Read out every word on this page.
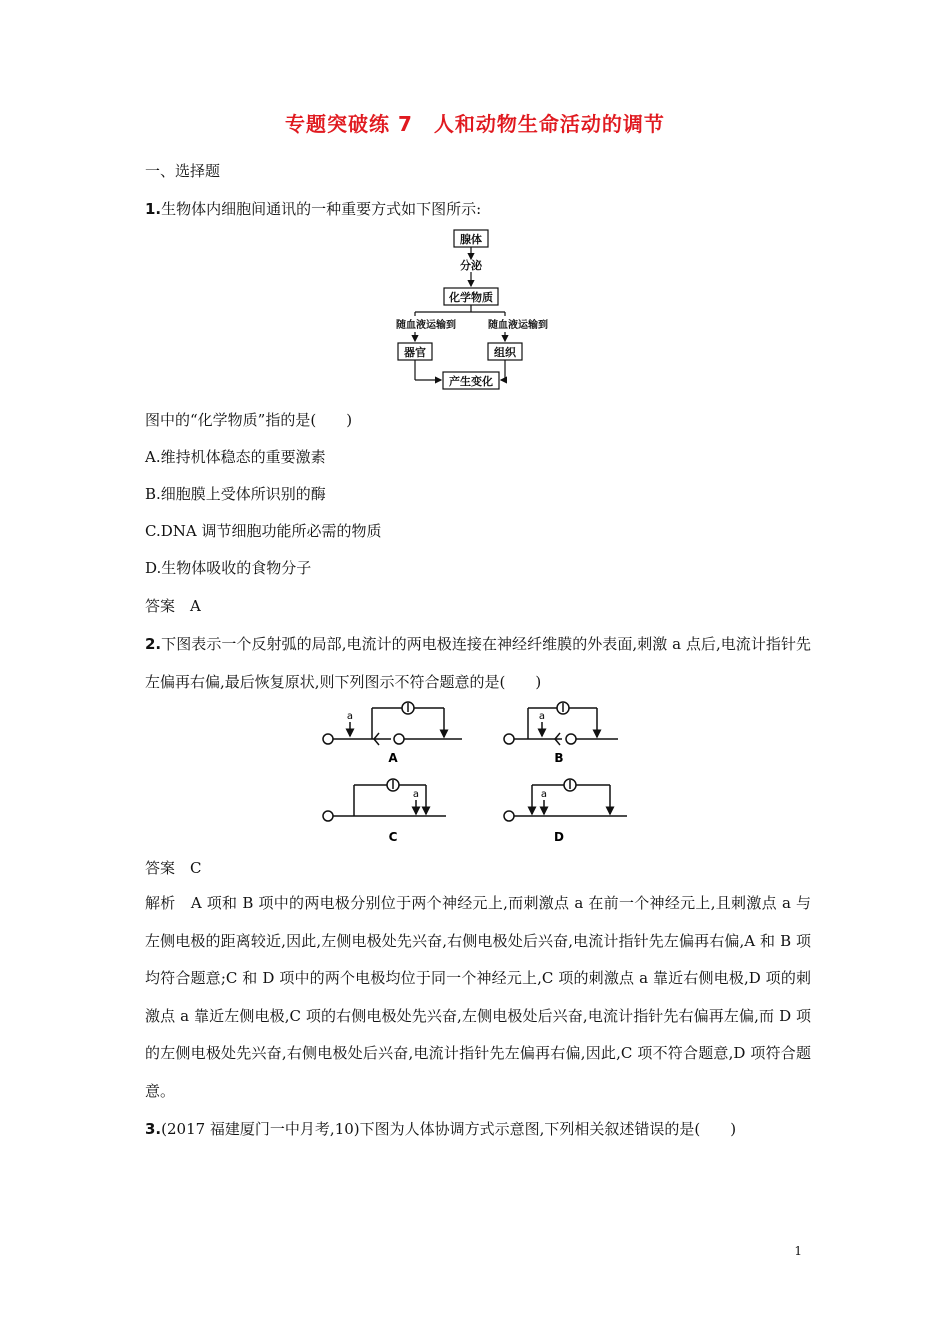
专题突破练 7　人和动物生命活动的调节
一、选择题
1.生物体内细胞间通讯的一种重要方式如下图所示:
腺体
分泌
化学物质
随血液运输到	随血液运输到
器官	组织
产生变化
图中的“化学物质”指的是(　　)
A.维持机体稳态的重要激素
B.细胞膜上受体所识别的酶
C.DNA 调节细胞功能所必需的物质
D.生物体吸收的食物分子
答案　A
2.下图表示一个反射弧的局部,电流计的两电极连接在神经纤维膜的外表面,刺激 a 点后,电流计指针先左偏再右偏,最后恢复原状,则下列图示不符合题意的是(　　)
a
A
a
B
a
C
a
D
答案　C
解析　A 项和 B 项中的两电极分别位于两个神经元上,而刺激点 a 在前一个神经元上,且刺激点 a 与左侧电极的距离较近,因此,左侧电极处先兴奋,右侧电极处后兴奋,电流计指针先左偏再右偏,A 和 B 项均符合题意;C 和 D 项中的两个电极均位于同一个神经元上,C 项的刺激点 a 靠近右侧电极,D 项的刺激点 a 靠近左侧电极,C 项的右侧电极处先兴奋,左侧电极处后兴奋,电流计指针先右偏再左偏,而 D 项的左侧电极处先兴奋,右侧电极处后兴奋,电流计指针先左偏再右偏,因此,C 项不符合题意,D 项符合题意。
3.(2017 福建厦门一中月考,10)下图为人体协调方式示意图,下列相关叙述错误的是(　　)
1
